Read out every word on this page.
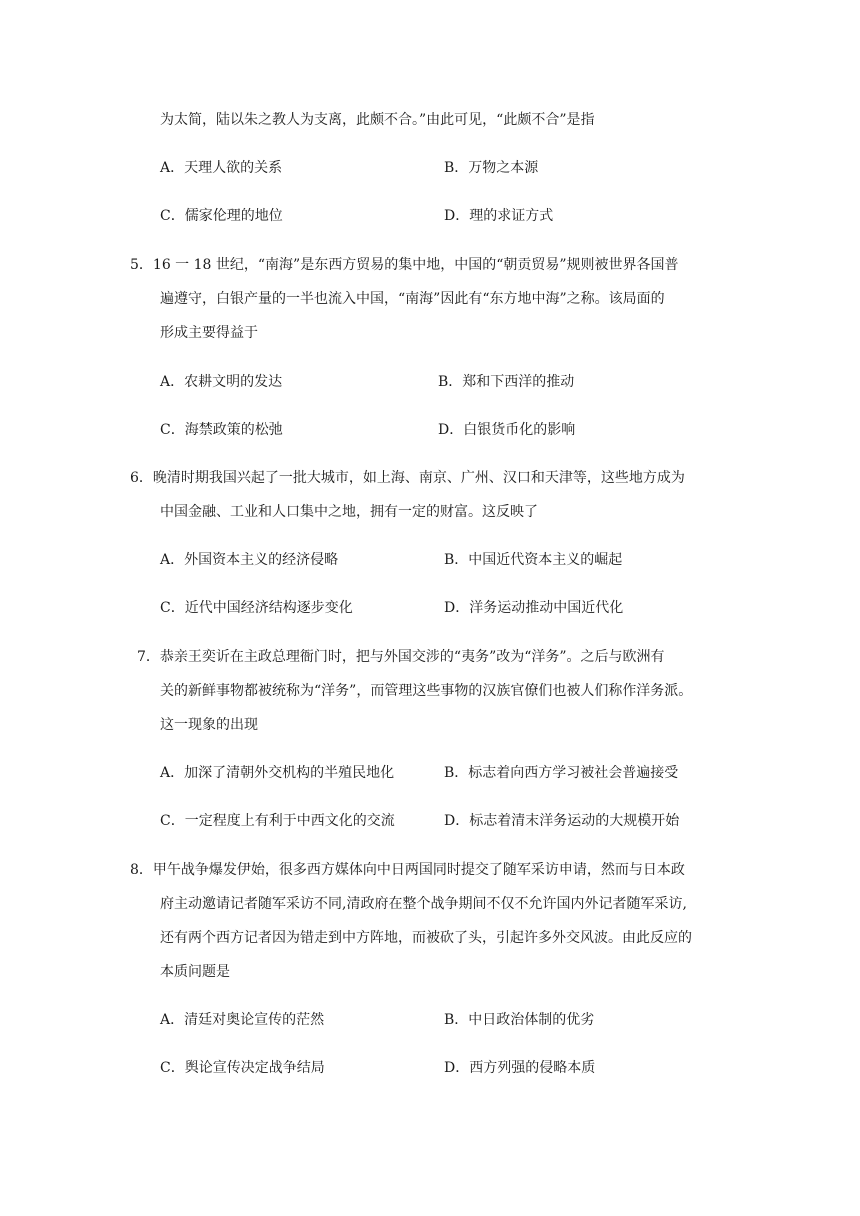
为太简，陆以朱之教人为支离，此颇不合。”由此可见，“此颇不合”是指
A．天理人欲的关系	B．万物之本源
C．儒家伦理的地位	D．理的求证方式
5．16 一 18 世纪，“南海”是东西方贸易的集中地，中国的“朝贡贸易”规则被世界各国普
遍遵守，白银产量的一半也流入中国，“南海”因此有“东方地中海”之称。该局面的
形成主要得益于
A．农耕文明的发达	B．郑和下西洋的推动
C．海禁政策的松弛	D．白银货币化的影响
6．晚清时期我国兴起了一批大城市，如上海、南京、广州、汉口和天津等，这些地方成为
中国金融、工业和人口集中之地，拥有一定的财富。这反映了
A．外国资本主义的经济侵略	B．中国近代资本主义的崛起
C．近代中国经济结构逐步变化	D．洋务运动推动中国近代化
7．恭亲王奕䜣在主政总理衙门时，把与外国交涉的“夷务”改为“洋务”。之后与欧洲有
关的新鲜事物都被统称为“洋务”，而管理这些事物的汉族官僚们也被人们称作洋务派。
这一现象的出现
A．加深了清朝外交机构的半殖民地化	B．标志着向西方学习被社会普遍接受
C．一定程度上有利于中西文化的交流	D．标志着清末洋务运动的大规模开始
8．甲午战争爆发伊始，很多西方媒体向中日两国同时提交了随军采访申请，然而与日本政
府主动邀请记者随军采访不同,清政府在整个战争期间不仅不允许国内外记者随军采访,
还有两个西方记者因为错走到中方阵地，而被砍了头，引起许多外交风波。由此反应的
本质问题是
A．清廷对奥论宣传的茫然	B．中日政治体制的优劣
C．舆论宣传决定战争结局	D．西方列强的侵略本质
